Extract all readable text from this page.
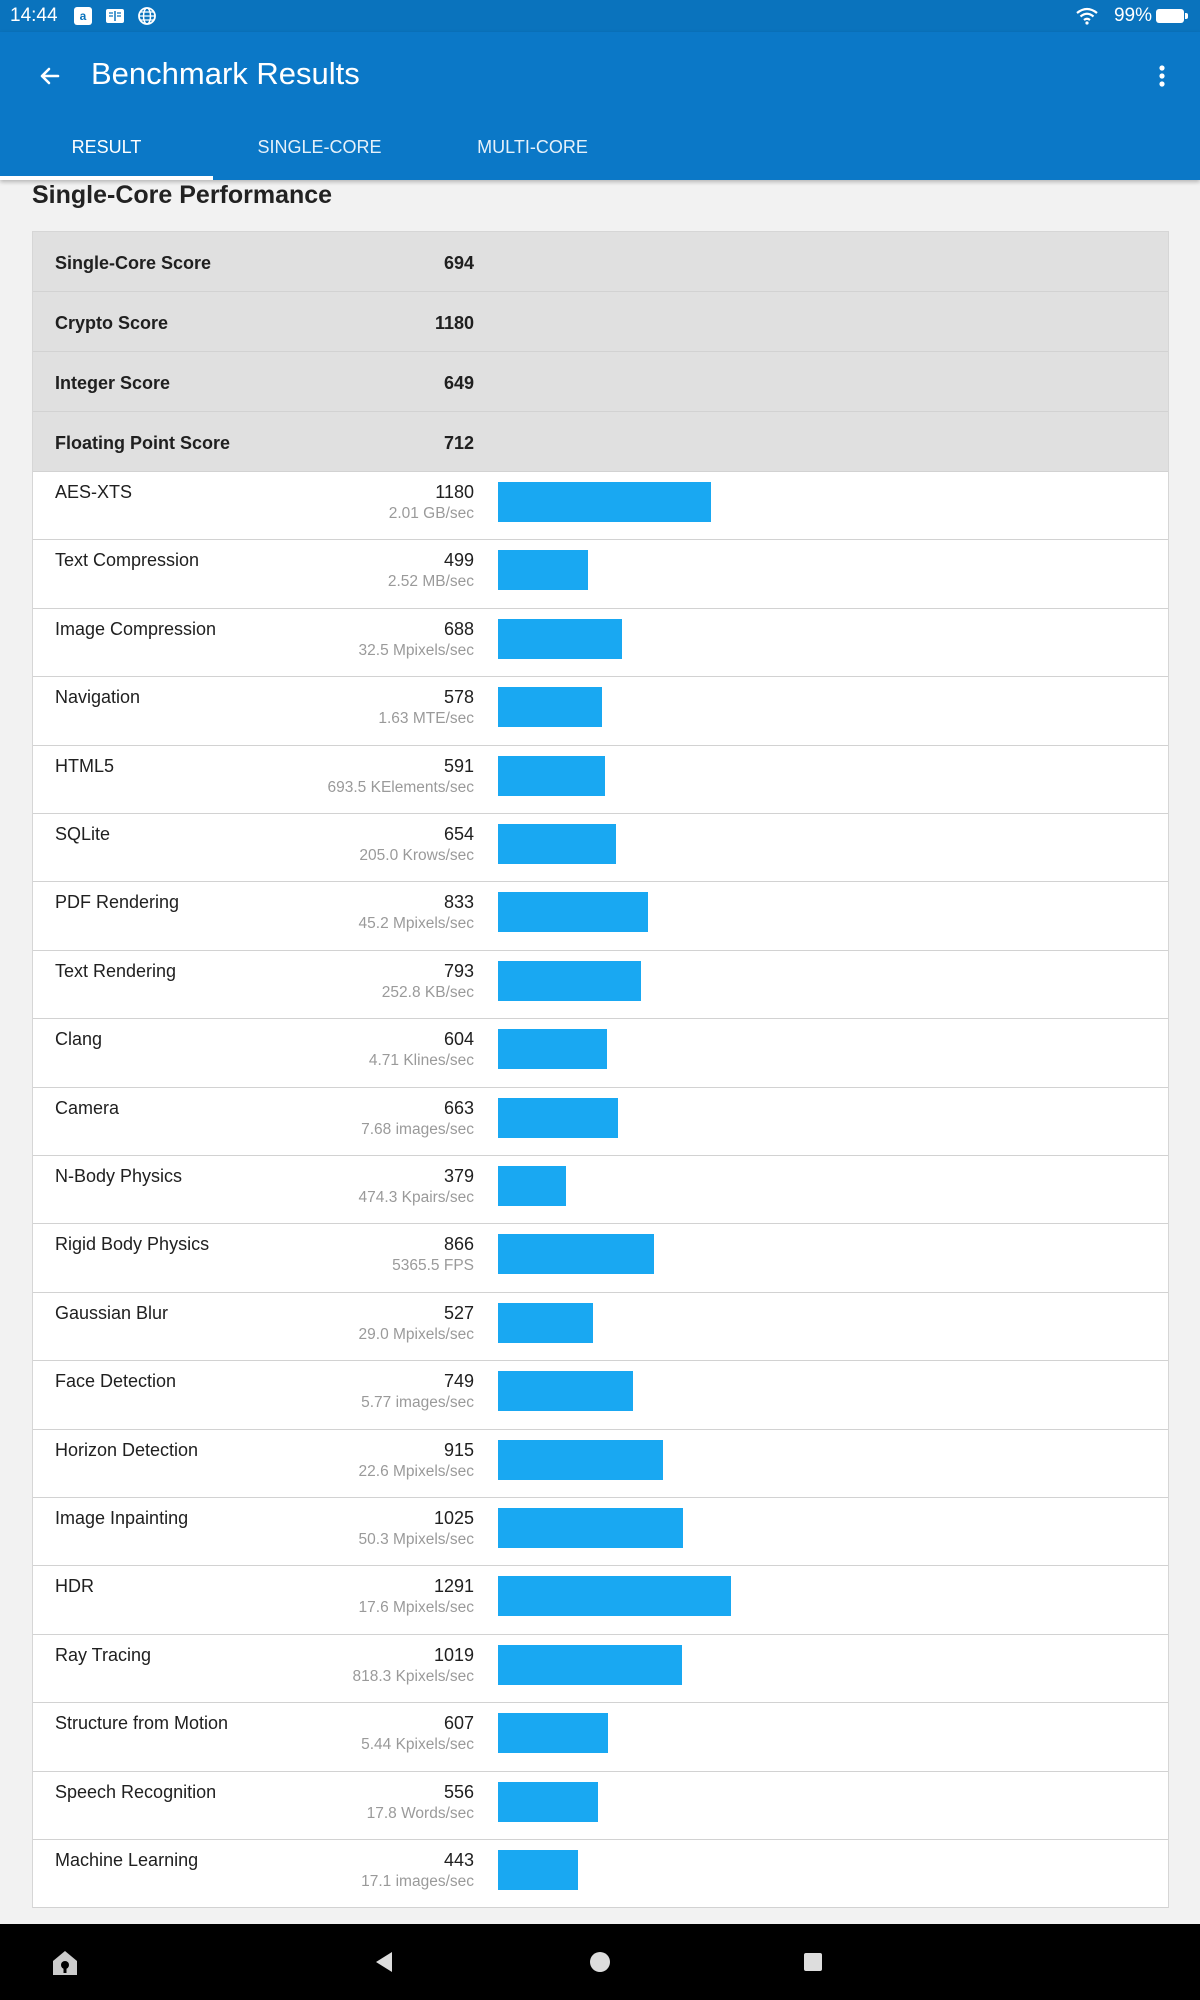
14:44 a	99%
Benchmark Results
RESULT	SINGLE-CORE	MULTI-CORE
Single-Core Performance
Single-Core Score	694
Crypto Score	1180
Integer Score	649
Floating Point Score	712
AES-XTS	1180
2.01 GB/sec
Text Compression	499
2.52 MB/sec
Image Compression	688
32.5 Mpixels/sec
Navigation	578
1.63 MTE/sec
HTML5	591
693.5 KElements/sec
SQLite	654
205.0 Krows/sec
PDF Rendering	833
45.2 Mpixels/sec
Text Rendering	793
252.8 KB/sec
Clang	604
4.71 Klines/sec
Camera	663
7.68 images/sec
N-Body Physics	379
474.3 Kpairs/sec
Rigid Body Physics	866
5365.5 FPS
Gaussian Blur	527
29.0 Mpixels/sec
Face Detection	749
5.77 images/sec
Horizon Detection	915
22.6 Mpixels/sec
Image Inpainting	1025
50.3 Mpixels/sec
HDR	1291
17.6 Mpixels/sec
Ray Tracing	1019
818.3 Kpixels/sec
Structure from Motion	607
5.44 Kpixels/sec
Speech Recognition	556
17.8 Words/sec
Machine Learning	443
17.1 images/sec
